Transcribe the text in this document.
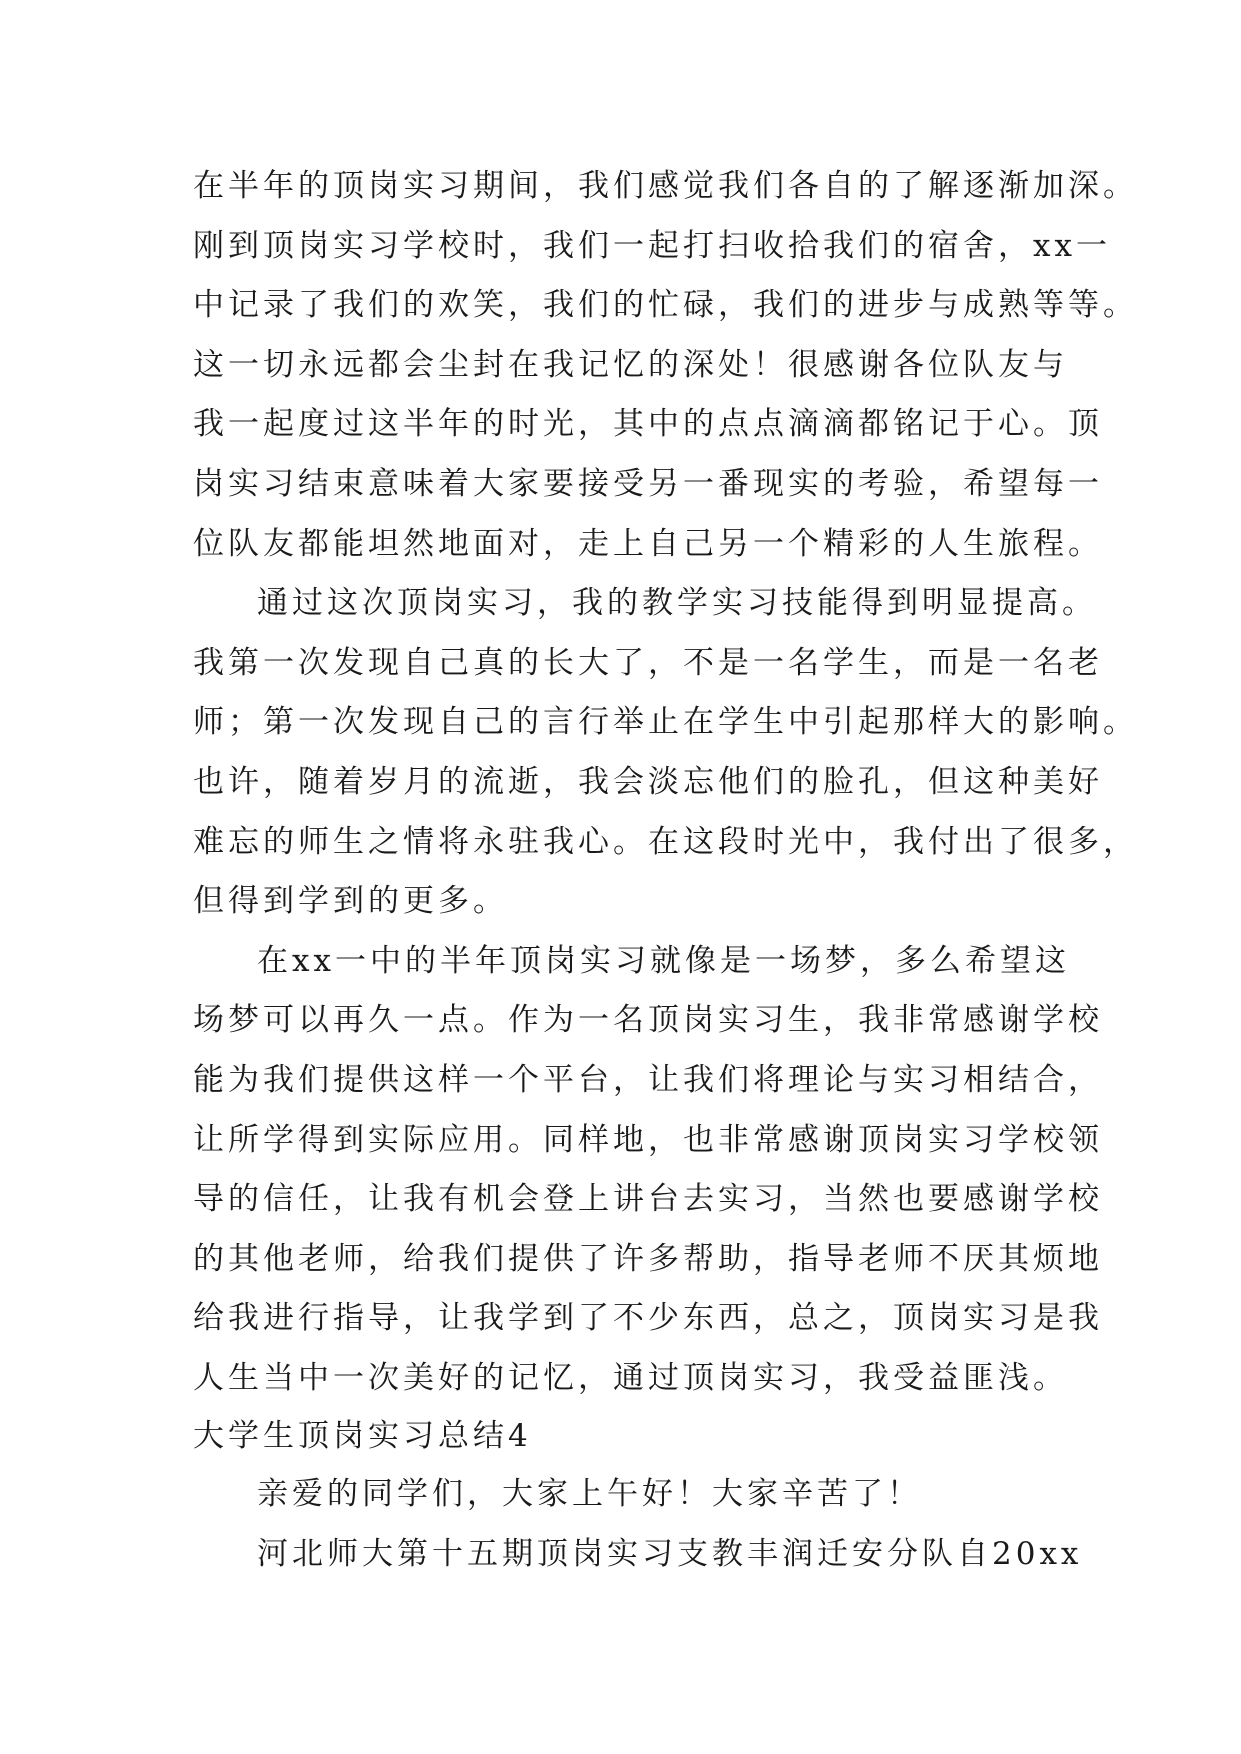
在半年的顶岗实习期间，我们感觉我们各自的了解逐渐加深。
刚到顶岗实习学校时，我们一起打扫收拾我们的宿舍，xx一
中记录了我们的欢笑，我们的忙碌，我们的进步与成熟等等。
这一切永远都会尘封在我记忆的深处！很感谢各位队友与
我一起度过这半年的时光，其中的点点滴滴都铭记于心。顶
岗实习结束意味着大家要接受另一番现实的考验，希望每一
位队友都能坦然地面对，走上自己另一个精彩的人生旅程。
通过这次顶岗实习，我的教学实习技能得到明显提高。
我第一次发现自己真的长大了，不是一名学生，而是一名老
师；第一次发现自己的言行举止在学生中引起那样大的影响。
也许，随着岁月的流逝，我会淡忘他们的脸孔，但这种美好
难忘的师生之情将永驻我心。在这段时光中，我付出了很多，
但得到学到的更多。
在xx一中的半年顶岗实习就像是一场梦，多么希望这
场梦可以再久一点。作为一名顶岗实习生，我非常感谢学校
能为我们提供这样一个平台，让我们将理论与实习相结合，
让所学得到实际应用。同样地，也非常感谢顶岗实习学校领
导的信任，让我有机会登上讲台去实习，当然也要感谢学校
的其他老师，给我们提供了许多帮助，指导老师不厌其烦地
给我进行指导，让我学到了不少东西，总之，顶岗实习是我
人生当中一次美好的记忆，通过顶岗实习，我受益匪浅。
大学生顶岗实习总结4
亲爱的同学们，大家上午好！大家辛苦了！
河北师大第十五期顶岗实习支教丰润迁安分队自20xx
